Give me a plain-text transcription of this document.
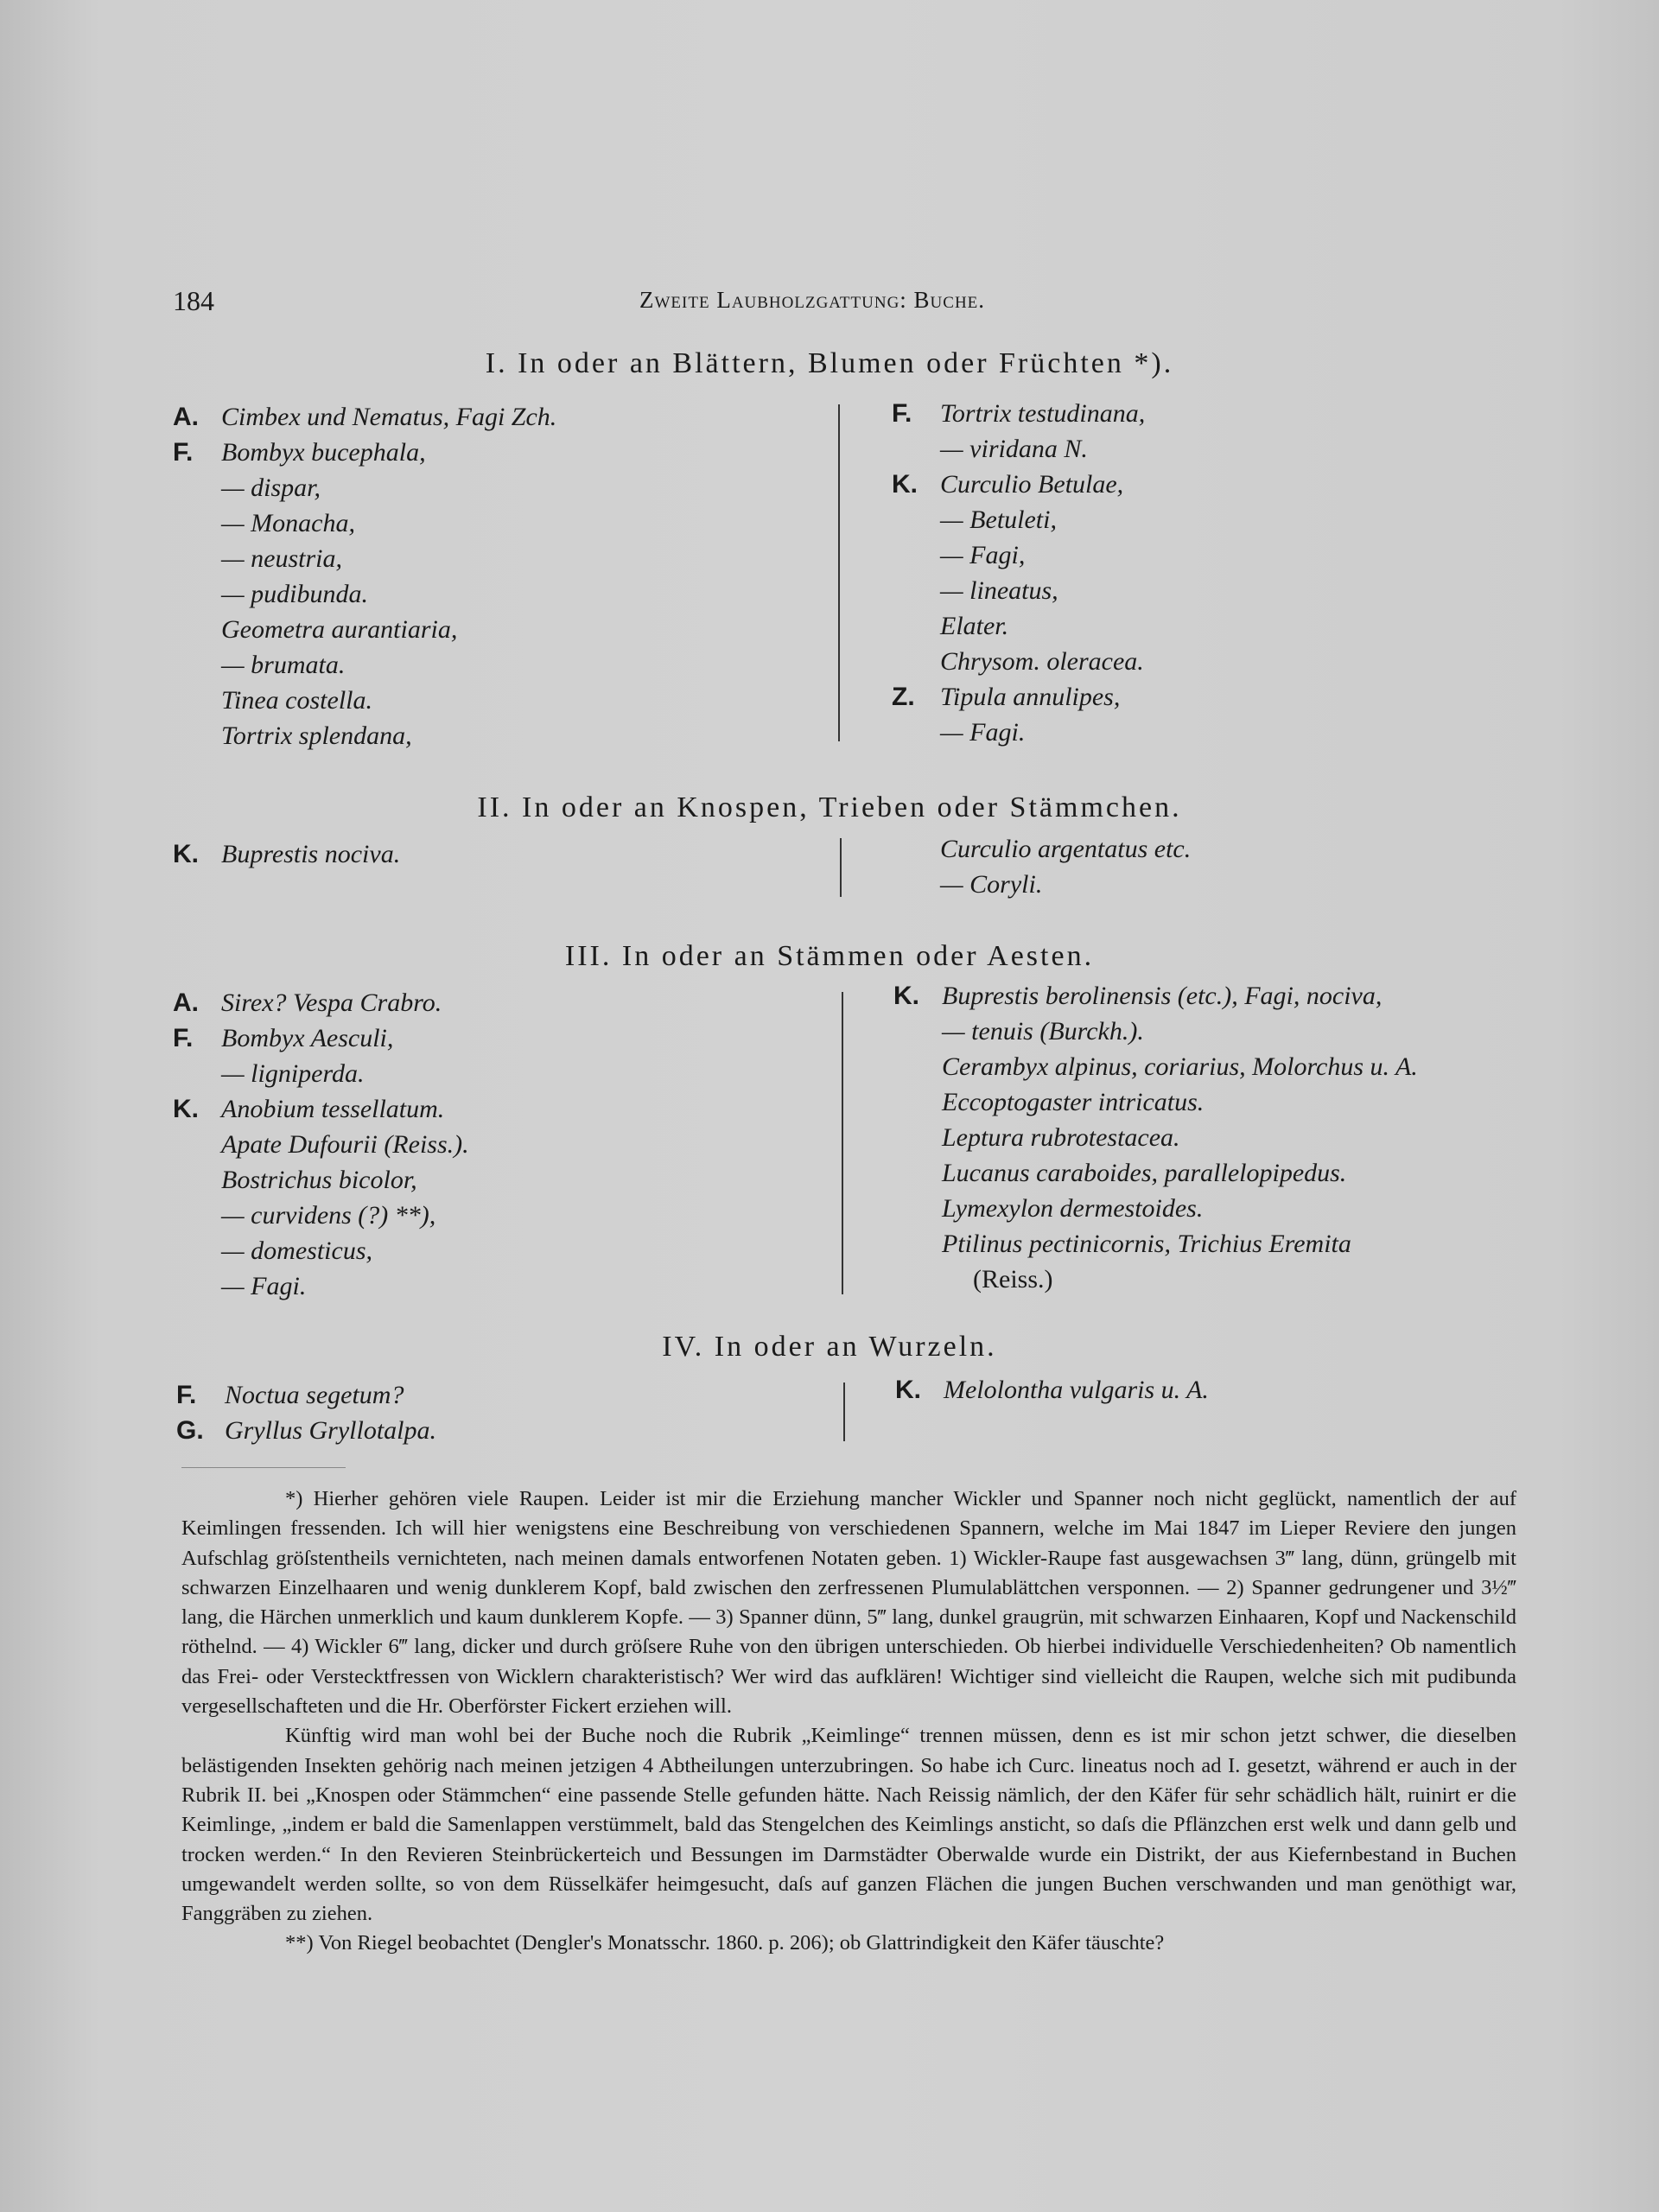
184	Zweite Laubholzgattung: Buche.
I. In oder an Blättern, Blumen oder Früchten *).
A. Cimbex und Nematus, Fagi Zch.
F. Bombyx bucephala,
— dispar,
— Monacha,
— neustria,
— pudibunda.
Geometra aurantiaria,
— brumata.
Tinea costella.
Tortrix splendana,
F. Tortrix testudinana,
— viridana N.
K. Curculio Betulae,
— Betuleti,
— Fagi,
— lineatus,
Elater.
Chrysom. oleracea.
Z. Tipula annulipes,
— Fagi.
II. In oder an Knospen, Trieben oder Stämmchen.
K. Buprestis nociva.	Curculio argentatus etc.
— Coryli.
III. In oder an Stämmen oder Aesten.
A. Sirex? Vespa Crabro.
F. Bombyx Aesculi,
— ligniperda.
K. Anobium tessellatum.
Apate Dufourii (Reiss.).
Bostrichus bicolor,
— curvidens (?) **),
— domesticus,
— Fagi.
K. Buprestis berolinensis (etc.), Fagi, nociva,
— tenuis (Burckh.).
Cerambyx alpinus, coriarius, Molorchus u. A.
Eccoptogaster intricatus.
Leptura rubrotestacea.
Lucanus caraboides, parallelopipedus.
Lymexylon dermestoides.
Ptilinus pectinicornis, Trichius Eremita
(Reiss.)
IV. In oder an Wurzeln.
F. Noctua segetum?
G. Gryllus Gryllotalpa.
K. Melolontha vulgaris u. A.

*) Hierher gehören viele Raupen. Leider ist mir die Erziehung mancher Wickler und Spanner noch nicht geglückt, namentlich der auf Keimlingen fressenden. Ich will hier wenigstens eine Beschreibung von verschiedenen Spannern, welche im Mai 1847 im Lieper Reviere den jungen Aufschlag gröſstentheils vernichteten, nach meinen damals entworfenen Notaten geben. 1) Wickler-Raupe fast ausgewachsen 3‴ lang, dünn, grüngelb mit schwarzen Einzelhaaren und wenig dunklerem Kopf, bald zwischen den zerfressenen Plumulablättchen versponnen. — 2) Spanner gedrungener und 3½‴ lang, die Härchen unmerklich und kaum dunklerem Kopfe. — 3) Spanner dünn, 5‴ lang, dunkel graugrün, mit schwarzen Einhaaren, Kopf und Nackenschild röthelnd. — 4) Wickler 6‴ lang, dicker und durch gröſsere Ruhe von den übrigen unterschieden. Ob hierbei individuelle Verschiedenheiten? Ob namentlich das Frei- oder Verstecktfressen von Wicklern charakteristisch? Wer wird das aufklären! Wichtiger sind vielleicht die Raupen, welche sich mit pudibunda vergesellschafteten und die Hr. Oberförster Fickert erziehen will.

Künftig wird man wohl bei der Buche noch die Rubrik „Keimlinge“ trennen müssen, denn es ist mir schon jetzt schwer, die dieselben belästigenden Insekten gehörig nach meinen jetzigen 4 Abtheilungen unterzubringen. So habe ich Curc. lineatus noch ad I. gesetzt, während er auch in der Rubrik II. bei „Knospen oder Stämmchen“ eine passende Stelle gefunden hätte. Nach Reissig nämlich, der den Käfer für sehr schädlich hält, ruinirt er die Keimlinge, „indem er bald die Samenlappen verstümmelt, bald das Stengelchen des Keimlings ansticht, so daſs die Pflänzchen erst welk und dann gelb und trocken werden.“ In den Revieren Steinbrückerteich und Bessungen im Darmstädter Oberwalde wurde ein Distrikt, der aus Kiefernbestand in Buchen umgewandelt werden sollte, so von dem Rüsselkäfer heimgesucht, daſs auf ganzen Flächen die jungen Buchen verschwanden und man genöthigt war, Fanggräben zu ziehen.

**) Von Riegel beobachtet (Dengler's Monatsschr. 1860. p. 206); ob Glattrindigkeit den Käfer täuschte?
